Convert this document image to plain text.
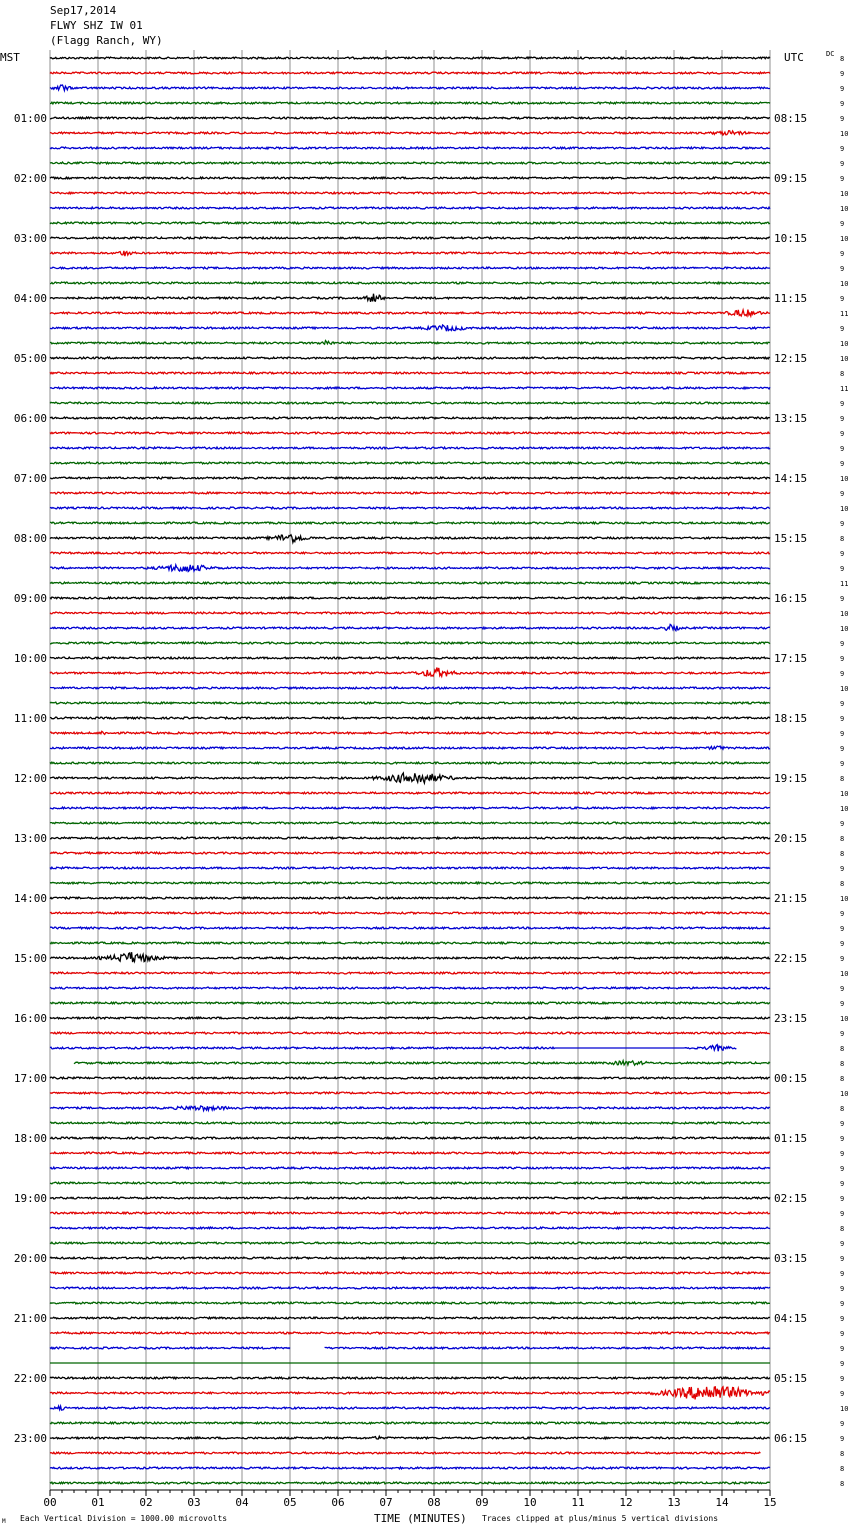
Sep17,2014
FLWY SHZ IW 01
(Flagg Ranch, WY)
MST	UTC	DC
TIME (MINUTES)
00	01	02	03	04	05	06	07	08	09	10	11	12	13	14	15
8
9
9
9
9
10
9
9
9
10
10
9
10
9
9
10
9
11
9
10
10
8
11
9
9
9
9
9
10
9
10
9
8
9
9
11
9
10
10
9
9
9
10
9
9
9
9
9
8
10
10
9
8
8
9
8
10
9
9
9
9
10
9
9
10
9
8
8
8
10
8
9
9
9
9
9
9
9
8
9
9
9
9
9
9
9
9
9
9
9
10
9
9
8
8
8
01:00	08:15
02:00	09:15
03:00	10:15
04:00	11:15
05:00	12:15
06:00	13:15
07:00	14:15
08:00	15:15
09:00	16:15
10:00	17:15
11:00	18:15
12:00	19:15
13:00	20:15
14:00	21:15
15:00	22:15
16:00	23:15
17:00	00:15
18:00	01:15
19:00	02:15
20:00	03:15
21:00	04:15
22:00	05:15
23:00	06:15
M Each Vertical Division = 1000.00 microvolts	Traces clipped at plus/minus 5 vertical divisions
